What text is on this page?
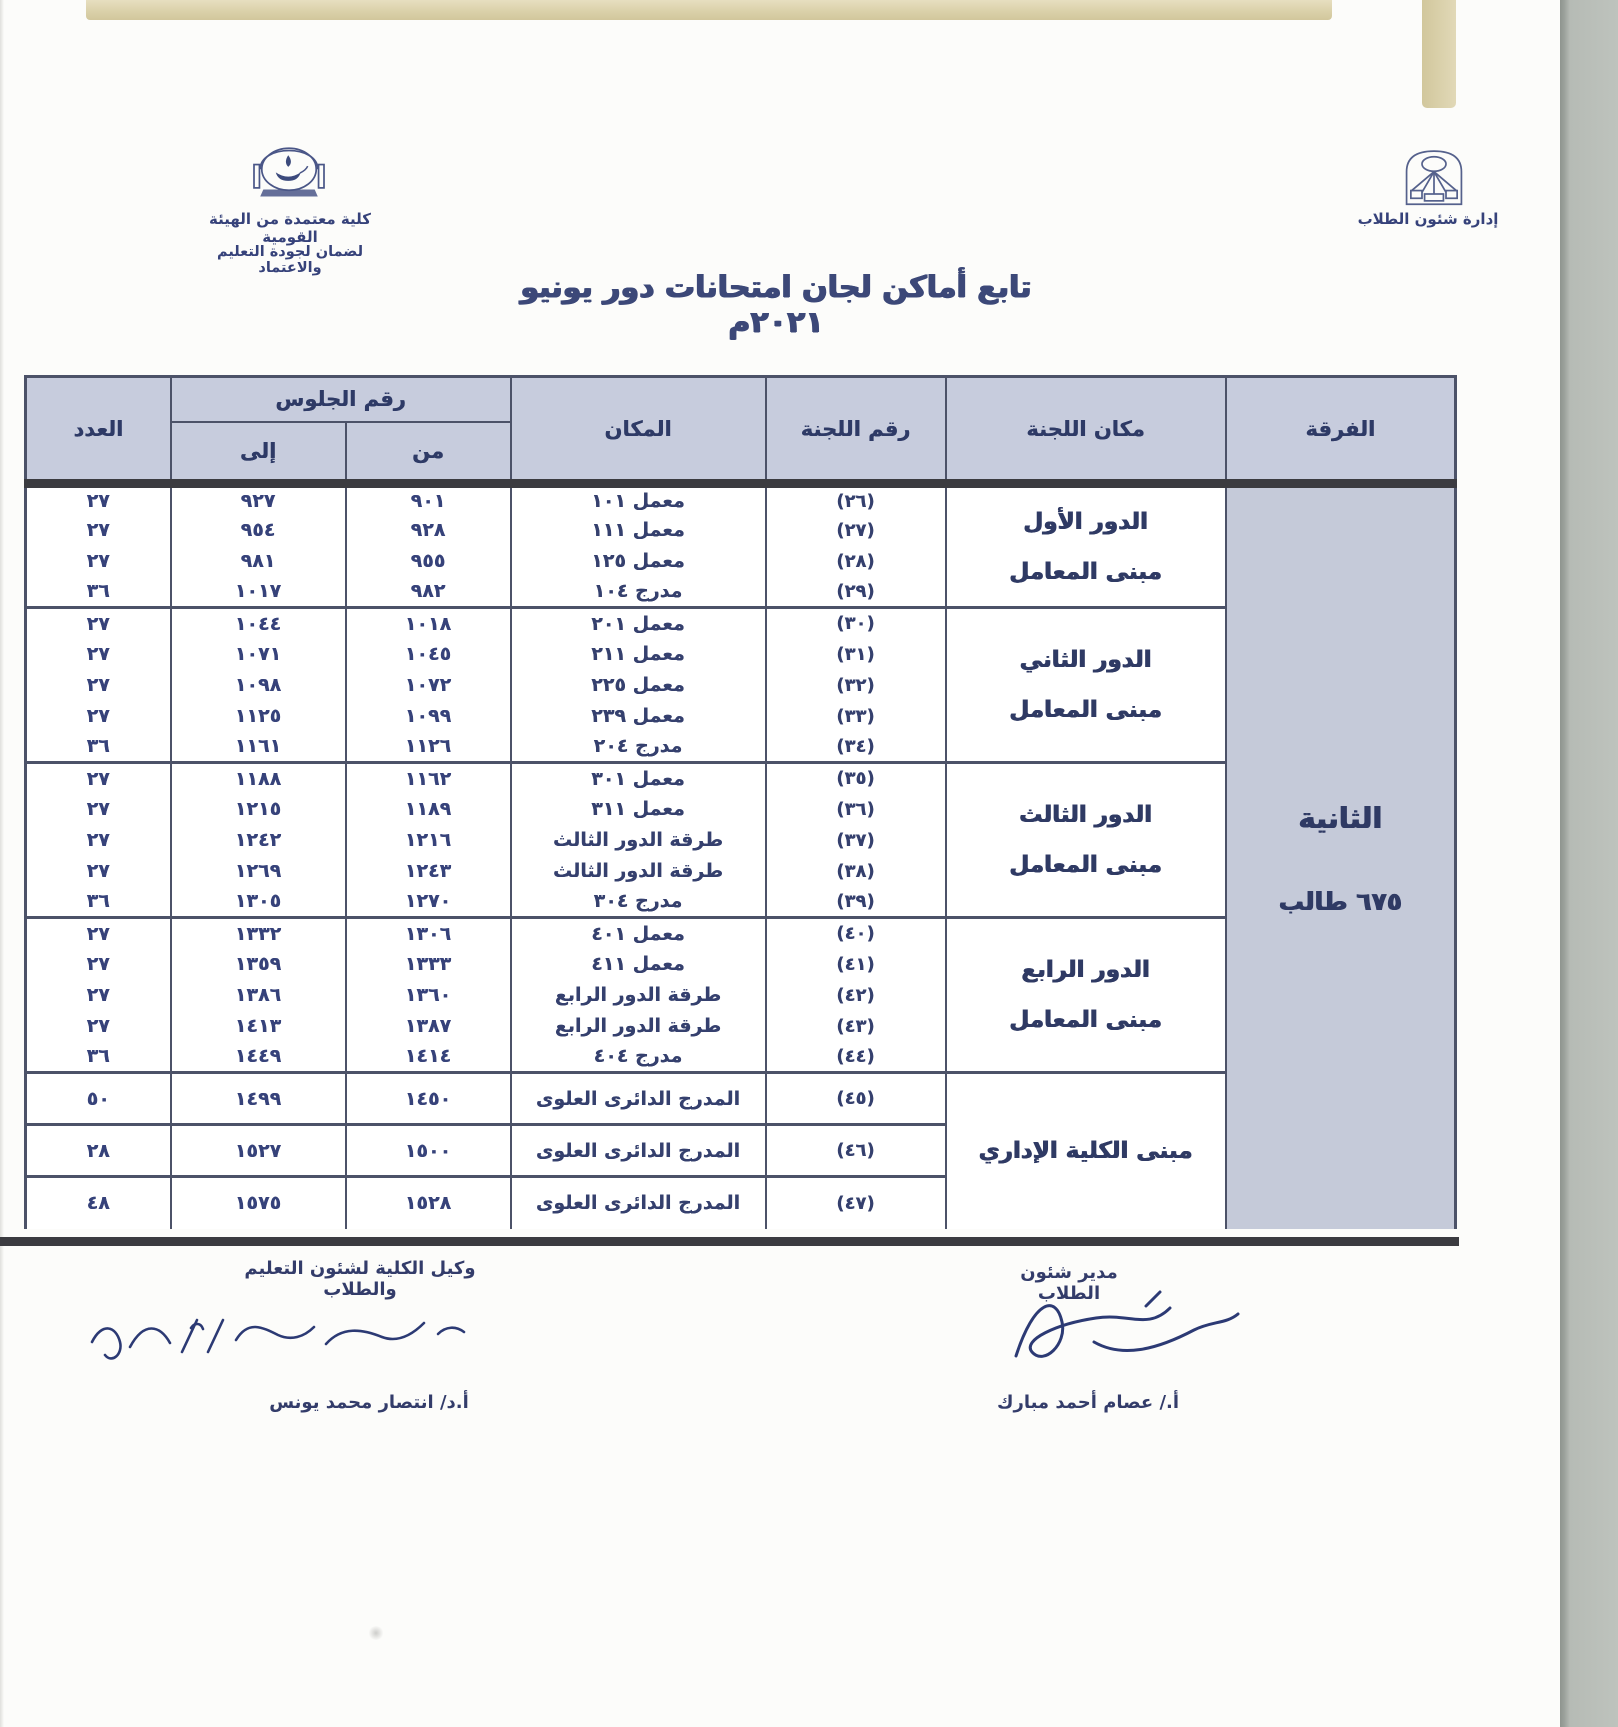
كلية معتمدة من الهيئة القومية
لضمان لجودة التعليم والاعتماد
إدارة شئون الطلاب
تابع أماكن لجان امتحانات دور يونيو ٢٠٢١م
الفرقة	مكان اللجنة	رقم اللجنة	المكان	رقم الجلوس		العدد
				من	إلى	

الثانية
٦٧٥ طالب

الدور الأول
مبنى المعامل
	(٢٦)	معمل ١٠١	٩٠١	٩٢٧	٢٧
		(٢٧)	معمل ١١١	٩٢٨	٩٥٤	٢٧
		(٢٨)	معمل ١٢٥	٩٥٥	٩٨١	٢٧
		(٢٩)	مدرج ١٠٤	٩٨٢	١٠١٧	٣٦

	الدور الثاني
مبنى المعامل	(٣٠)	معمل ٢٠١	١٠١٨	١٠٤٤	٢٧
		(٣١)	معمل ٢١١	١٠٤٥	١٠٧١	٢٧
		(٣٢)	معمل ٢٢٥	١٠٧٢	١٠٩٨	٢٧
		(٣٣)	معمل ٢٣٩	١٠٩٩	١١٢٥	٢٧
		(٣٤)	مدرج ٢٠٤	١١٢٦	١١٦١	٣٦

	الدور الثالث
مبنى المعامل	(٣٥)	معمل ٣٠١	١١٦٢	١١٨٨	٢٧
		(٣٦)	معمل ٣١١	١١٨٩	١٢١٥	٢٧
		(٣٧)	طرقة الدور الثالث	١٢١٦	١٢٤٢	٢٧
		(٣٨)	طرقة الدور الثالث	١٢٤٣	١٢٦٩	٢٧
		(٣٩)	مدرج ٣٠٤	١٢٧٠	١٣٠٥	٣٦

	الدور الرابع
مبنى المعامل	(٤٠)	معمل ٤٠١	١٣٠٦	١٣٣٢	٢٧
		(٤١)	معمل ٤١١	١٣٣٣	١٣٥٩	٢٧
		(٤٢)	طرقة الدور الرابع	١٣٦٠	١٣٨٦	٢٧
		(٤٣)	طرقة الدور الرابع	١٣٨٧	١٤١٣	٢٧
		(٤٤)	مدرج ٤٠٤	١٤١٤	١٤٤٩	٣٦

	مبنى الكلية الإداري	(٤٥)	المدرج الدائرى العلوى	١٤٥٠	١٤٩٩	٥٠
		(٤٦)	المدرج الدائرى العلوى	١٥٠٠	١٥٢٧	٢٨
		(٤٧)	المدرج الدائرى العلوى	١٥٢٨	١٥٧٥	٤٨
مدير شئون الطلاب
أ./ عصام أحمد مبارك
وكيل الكلية لشئون التعليم والطلاب
أ.د/ انتصار محمد يونس
